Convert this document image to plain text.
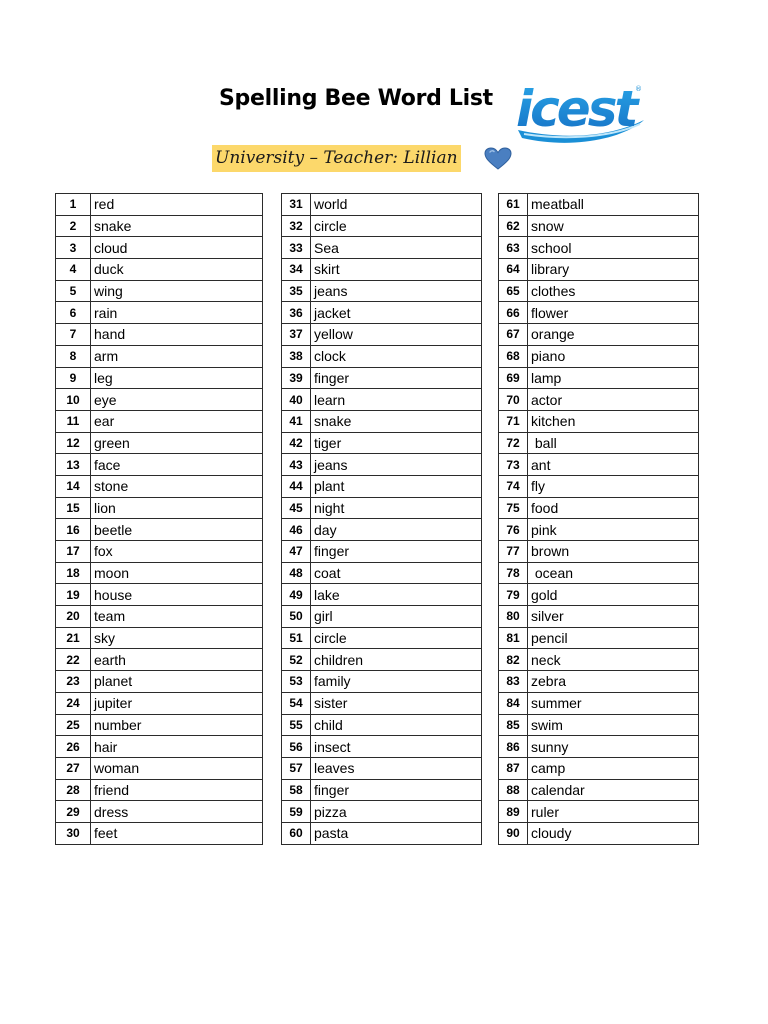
Spelling Bee Word List icest ®
University – Teacher: Lillian
1	red
2	snake
3	cloud
4	duck
5	wing
6	rain
7	hand
8	arm
9	leg
10	eye
11	ear
12	green
13	face
14	stone
15	lion
16	beetle
17	fox
18	moon
19	house
20	team
21	sky
22	earth
23	planet
24	jupiter
25	number
26	hair
27	woman
28	friend
29	dress
30	feet
31	world
32	circle
33	Sea
34	skirt
35	jeans
36	jacket
37	yellow
38	clock
39	finger
40	learn
41	snake
42	tiger
43	jeans
44	plant
45	night
46	day
47	finger
48	coat
49	lake
50	girl
51	circle
52	children
53	family
54	sister
55	child
56	insect
57	leaves
58	finger
59	pizza
60	pasta
61	meatball
62	snow
63	school
64	library
65	clothes
66	flower
67	orange
68	piano
69	lamp
70	actor
71	kitchen
72	ball
73	ant
74	fly
75	food
76	pink
77	brown
78	ocean
79	gold
80	silver
81	pencil
82	neck
83	zebra
84	summer
85	swim
86	sunny
87	camp
88	calendar
89	ruler
90	cloudy
